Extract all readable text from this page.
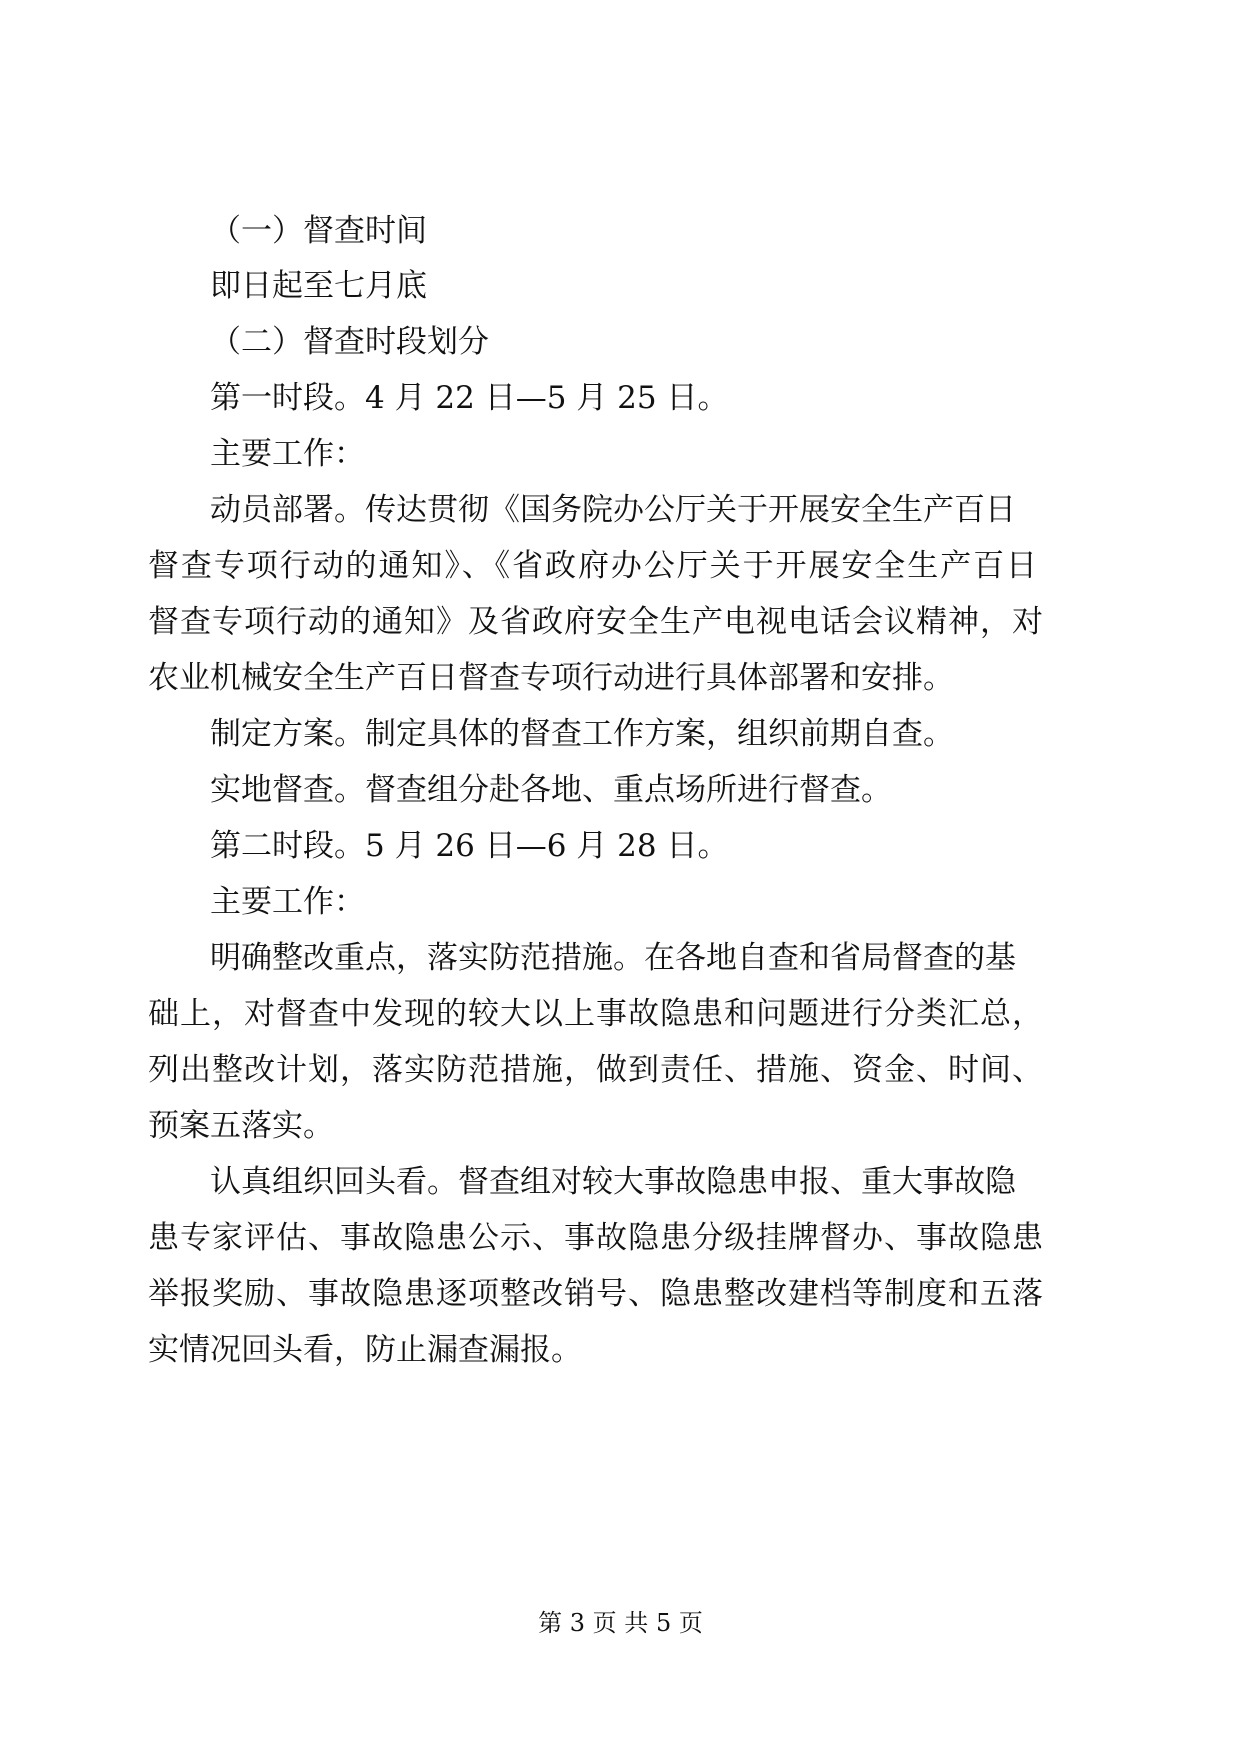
（一）督查时间
即日起至七月底
（二）督查时段划分
第一时段。4 月 22 日—5 月 25 日。
主要工作：
动员部署。传达贯彻《国务院办公厅关于开展安全生产百日
督查专项行动的通知》、《省政府办公厅关于开展安全生产百日
督查专项行动的通知》及省政府安全生产电视电话会议精神，对
农业机械安全生产百日督查专项行动进行具体部署和安排。
制定方案。制定具体的督查工作方案，组织前期自查。
实地督查。督查组分赴各地、重点场所进行督查。
第二时段。5 月 26 日—6 月 28 日。
主要工作：
明确整改重点，落实防范措施。在各地自查和省局督查的基
础上，对督查中发现的较大以上事故隐患和问题进行分类汇总，
列出整改计划，落实防范措施，做到责任、措施、资金、时间、
预案五落实。
认真组织回头看。督查组对较大事故隐患申报、重大事故隐
患专家评估、事故隐患公示、事故隐患分级挂牌督办、事故隐患
举报奖励、事故隐患逐项整改销号、隐患整改建档等制度和五落
实情况回头看，防止漏查漏报。
第 3 页 共 5 页
